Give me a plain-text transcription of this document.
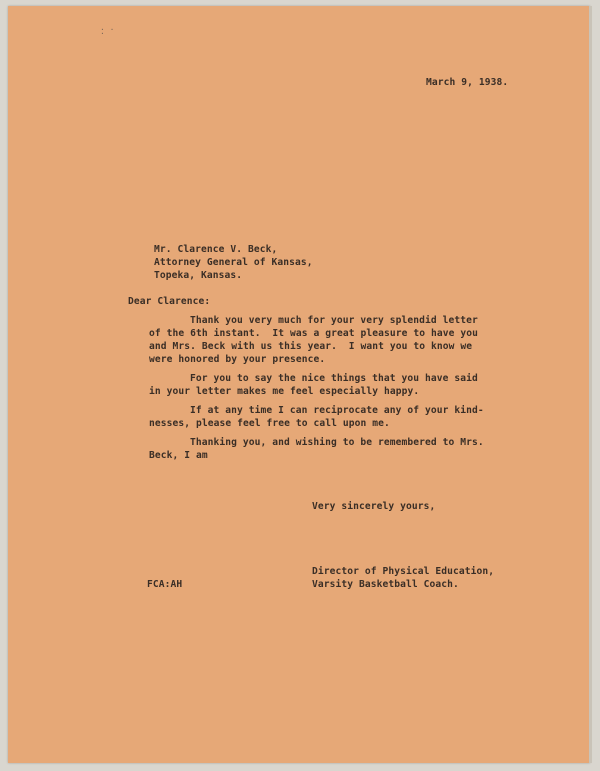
. . .
March 9, 1938.
Mr. Clarence V. Beck,
Attorney General of Kansas,
Topeka, Kansas.
Dear Clarence:
Thank you very much for your very splendid letter
of the 6th instant.  It was a great pleasure to have you
and Mrs. Beck with us this year.  I want you to know we
were honored by your presence.
For you to say the nice things that you have said
in your letter makes me feel especially happy.
If at any time I can reciprocate any of your kind-
nesses, please feel free to call upon me.
Thanking you, and wishing to be remembered to Mrs.
Beck, I am
Very sincerely yours,
FCA:AH
Director of Physical Education,
Varsity Basketball Coach.
